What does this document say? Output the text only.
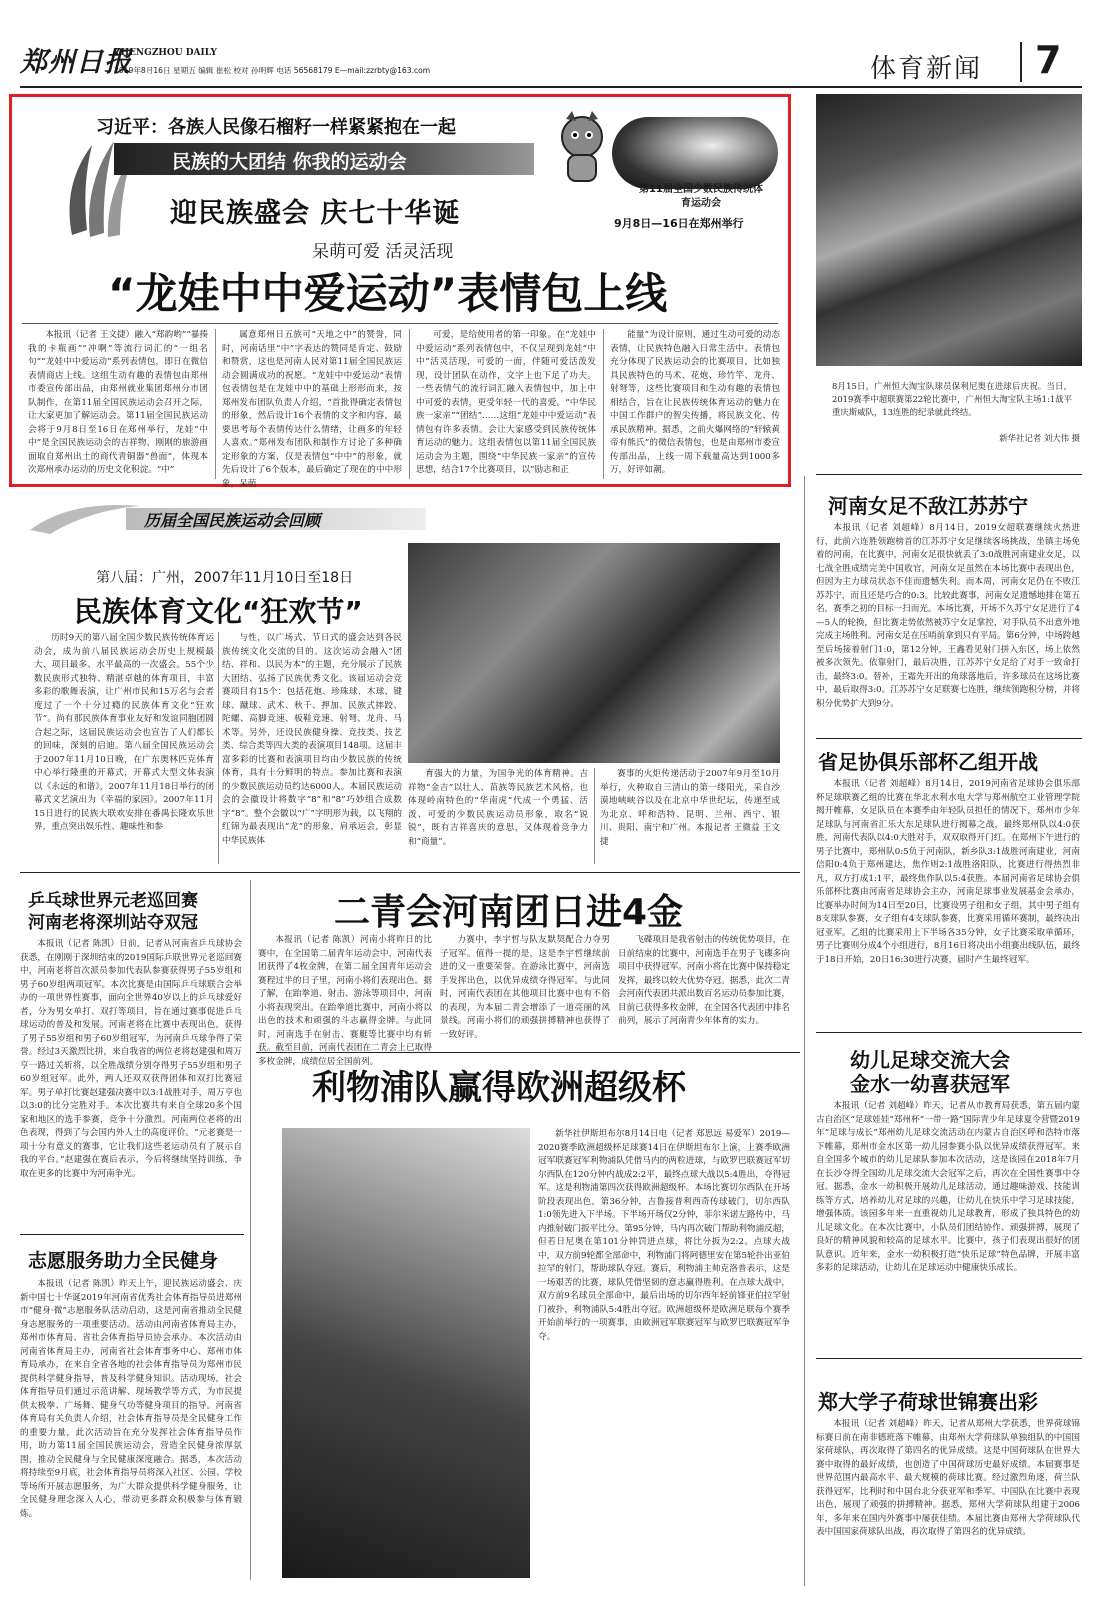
郑州日报
ZHENGZHOU DAILY
2019年8月16日 星期五 编辑 崔松 校对 孙明辉 电话 56568179 E—mail:zzrbty@163.com	体育新闻 7
习近平：各族人民像石榴籽一样紧紧抱在一起
民族的大团结 你我的运动会
迎民族盛会 庆七十华诞
第11届全国少数民族传统体育运动会
9月8日—16日在郑州举行
呆萌可爱 活灵活现
“龙娃中中爱运动”表情包上线

本报讯（记者 王文捷）融入“郑韵哟”“暴揍我的卡瓶画”“冲啊”等流行词汇的“一组名句”“龙娃中中爱运动”系列表情包，即日在微信表情商店上线。这组生动有趣的表情包由郑州市委宣传部出品，由郑州就业集团郑州分市团队制作，在第11届全国民族运动会召开之际，让大家更加了解运动会。第11届全国民族运动会将于9月8日至16日在郑州举行，龙娃“中中”是全国民族运动会的吉祥物，刚刚的旅游画面取自郑州出土的商代青铜器“兽面”，体现本次郑州承办运动的历史文化积淀。“中”

属意郑州日五族可“天地之中”的赞誉，同时，河南话里“中”字表达的赞同是肯定、鼓励和赞赏，这也是河南人民对第11届全国民族运动会圆满成功的祝愿。“龙娃中中爱运动”表情包表情包是在龙娃中中的基础上形形而来，按郑州发布团队负责人介绍，“首批得确定表情包的形象，然后设计16个表情的文字和内容，最要思考每个表情传达什么情绪，让画多的年轻人喜欢。”郑州发布团队和制作方讨论了多种确定形象的方案，仅是表情包“中中”的形象，就先后设计了6个版本，最后确定了现在的中中形象，呆萌

可爱，是给使用者的第一印象。在“龙娃中中爱运动”系列表情包中，不仅呈现到龙娃“中中”活灵活现，可爱的一面，伴随可爱活泼发现，设计团队在动作，文字上也下足了功夫。一些表情气的流行词汇融入表情包中，加上中中可爱的表情，更受年轻一代的喜爱。“中华民族一家亲”“团结”……这组“龙娃中中爱运动”表情包有许多表情。会让大家感受到民族传统体育运动的魅力。这组表情包以第11届全国民族运动会为主题，围绕“中华民族一家亲”的宣传思想，结合17个比赛项目，以“励志和正

能量”为设计原则，通过生动可爱的动态表情，让民族特色融入日常生活中。表情包充分体现了民族运动会的比赛项目，比如独具民族特色的马术、花炮、珍竹竿、龙舟、射弩等，这些比赛项目和生动有趣的表情包相结合，旨在让民族传统体育运动的魅力在中国工作群户的智尖传播，将民族文化、传承民族精神。据悉，之前火爆网络的“轩辕黄帝有熊氏”的微信表情包，也是由郑州市委宣传部出品，上线一周下载量高达到1000多万，好评如潮。

8月15日，广州恒大淘宝队球员保利尼奥在进球后庆祝。当日，2019赛季中超联赛第22轮比赛中，广州恒大淘宝队主场1:1战平重庆斯威队，13连胜的纪录就此终结。
新华社记者 刘大伟 摄
历届全国民族运动会回顾
第八届：广州，2007年11月10日至18日
民族体育文化“狂欢节”

历时9天的第八届全国少数民族传统体育运动会，成为前八届民族运动会历史上规模最大、项目最多、水平最高的一次盛会。55个少数民族形式独特、精湛卓越的体育项目，丰富多彩的歌舞表演，让广州市民和15万名与会者度过了一个十分过瘾的民族体育文化“狂欢节”。尚有那民族体育事业友好和发谊同胞团圆合起之际，这届民族运动会也宣告了人们都长的回味，深刻的启迪。第八届全国民族运动会于2007年11月10日晚，在广东奥林匹克体育中心举行隆重的开幕式，开幕式大型文体表演以《永远的和谐》，2007年11月18日举行的闭幕式文艺演出为《幸福的家园》。2007年11月15日进行的民族大联欢安排在番禺长隆欢乐世界，重点突出娱乐性、趣味性和参

与性，以广场式、节日式的盛会达到各民族传统文化交流的目的。这次运动会融入“团结、祥和、以民为本”的主题，充分展示了民族大团结、弘扬了民族优秀文化。该届运动会竞赛项目有15个：包括花炮、珍珠球、木球、键球、蹴球、武术、秋千、押加、民族式摔跤、陀螺、高脚竞速、板鞋竞速、射弩、龙舟、马术等。另外，还设民族健身操、竞技类、技艺类、综合类等四大类的表演项目148项。这届丰富多彩的比赛和表演项目均由少数民族的传统体育，具有十分鲜明的特点。参加比赛和表演的少数民族运动员约达6000人。本届民族运动会的会徽设计将数字“8”和“8”巧妙组合成数字“8”。整个会徽以“广”字明形为载，以飞翔的红锦为最表现出“龙”的形象，肩承运会，彰显中华民族体

育强大的力量，为国争光的体育精神。吉祥物“金吉”以壮人、苗族等民族艺术风格，也体现岭南特色的“华南虎”代成一个勇猛、活泼、可爱的少数民族运动员形象，取名“锐锐”，既有吉祥喜庆的意思，又体现着竞争力和“商量”。

赛事的火炬传递活动于2007年9月至10月举行，火种取自三清山的第一缕阳光，采自沙漠地峡峡谷以及在北京中华世纪坛，传递至成为北京、呼和浩特、昆明、兰州、西宁、银川、贵阳、南宁和广州。本报记者 王微益 王文捷

河南女足不敌江苏苏宁

本报讯（记者 刘超峰）8月14日，2019女超联赛继续火热进行，此前六连胜领跑榜首的江苏苏宁女足继续客场挑战，坐镇主场免着的河南，在比赛中，河南女足很快就丢了3:0战胜河南建业女足，以七战全胜成绩完美中国收官，河南女足虽然在本场比赛中表现出色，但因为主力球员状态不佳而遗憾失利。而本周，河南女足仍在不败江苏苏宁，而且还是巧合的0:3。比较此赛事，河南女足遗憾地排在第五名，赛季之初的目标一扫而光。本场比赛，开场不久苏宁女足进行了4—5人的轮换，但比赛走势依然被苏宁女足掌控，对手队员不出意外地完成主场胜利。河南女足在压哨前拿到只有平局。第6分钟，中场跨越至后场接着射门1:0，第12分钟，王鑫看见射门拼入东区，场上依然被多次领先。依靠射门，最后决胜，江苏苏宁女足给了对手一致命打击，最终3:0。替补，王霜先开出的角球落地后，许多球员在这场比赛中，最后取得3:0。江苏苏宁女足联赛七连胜，继续领跑积分榜，并将积分优势扩大到9分。

省足协俱乐部杯乙组开战

本报讯（记者 刘超峰）8月14日，2019河南省足球协会俱乐部杯足球联赛乙组的比赛在华北水利水电大学与郑州航空工业管理学院揭开帷幕，女足队员在本赛季由年轻队员担任的情况下，郑州市少年足球队与河南省汇乐大东足球队进行揭幕之战，最终郑州队以4:0获胜，河南代表队以4:0大胜对手，双双取得开门红。在郑州下午进行的男子比赛中，郑州队0:5负于河南队，新乡队3:1战胜河南建业，河南信阳0:4负于郑州建达，焦作则2:1战胜洛阳队，比赛进行得热烈非凡，双方打成1:1平，最终焦作队以5:4获胜。本届河南省足球协会俱乐部杯比赛由河南省足球协会主办，河南足球事业发展基金会承办，比赛举办时间为14日至20日，比赛设男子组和女子组，其中男子组有8支球队参赛，女子组有4支球队参赛，比赛采用循环赛制，最终决出冠亚军。乙组的比赛采用上下半场各35分钟，女子比赛采取单循环，男子比赛则分成4个小组进行，8月16日将决出小组赛出线队伍，最终于18日开始，20日16:30进行决赛，届时产生最终冠军。

幼儿足球交流大会
金水一幼喜获冠军

本报讯（记者 刘超峰）昨天，记者从市教育局获悉，第五届内蒙古自治区“足球娃娃”郑州杯“一带一路”国际青少年足球夏令营暨2019年“足球与成长”郑州幼儿足球交流活动在内蒙古自治区呼和浩特市落下帷幕，郑州市金水区第一幼儿园参赛小队以优异成绩获得冠军。来自全国多个城市的幼儿足球队参加本次活动，这是该园在2018年7月在长沙夺得全国幼儿足球交流大会冠军之后，再次在全国性赛事中夺冠。据悉，金水一幼积极开展幼儿足球活动，通过趣味游戏、技能训练等方式，培养幼儿对足球的兴趣，让幼儿在快乐中学习足球技能，增强体质。该园多年来一直重视幼儿足球教育，形成了独具特色的幼儿足球文化。在本次比赛中，小队员们团结协作、顽强拼搏，展现了良好的精神风貌和较高的足球水平。比赛中，孩子们表现出很好的团队意识。近年来，金水一幼积极打造“快乐足球”特色品牌，开展丰富多彩的足球活动，让幼儿在足球运动中健康快乐成长。

郑大学子荷球世锦赛出彩

本报讯（记者 刘超峰）昨天，记者从郑州大学获悉，世界荷球锦标赛日前在南非德班落下帷幕，由郑州大学荷球队单独组队的中国国家荷球队，再次取得了第四名的优异成绩。这是中国荷球队在世界大赛中取得的最好成绩，也创造了中国荷球历史最好成绩。本届赛事是世界范围内最高水平、最大规模的荷球比赛。经过激烈角逐，荷兰队获得冠军，比利时和中国台北分获亚军和季军。中国队在比赛中表现出色，展现了顽强的拼搏精神。据悉，郑州大学荷球队组建于2006年，多年来在国内外赛事中屡获佳绩。本届比赛由郑州大学荷球队代表中国国家荷球队出战，再次取得了第四名的优异成绩。

乒乓球世界元老巡回赛
河南老将深圳站夺双冠

本报讯（记者 陈凯）日前，记者从河南省乒乓球协会获悉，在刚刚于深圳结束的2019国际乒联世界元老巡回赛中，河南老将首次派员参加代表队参赛获得男子55岁组和男子60岁组两项冠军。本次比赛是由国际乒乓球联合会举办的一项世界性赛事，面向全世界40岁以上的乒乓球爱好者，分为男女单打、双打等项目，旨在通过赛事促进乒乓球运动的普及和发展。河南老将在比赛中表现出色，获得了男子55岁组和男子60岁组冠军，为河南乒乓球争得了荣誉。经过3天激烈比拼，来自我省的两位老将赵建强和周万亨一路过关斩将，以全胜战绩分别夺得男子55岁组和男子60岁组冠军。此外，两人还双双获得团体和双打比赛冠军。男子单打比赛赵建强决赛中以3:1战胜对手，周万亨也以3:0的比分完胜对手。本次比赛共有来自全球20多个国家和地区的选手参赛，竞争十分激烈。河南两位老将的出色表现，得到了与会国内外人士的高度评价。“元老赛是一项十分有意义的赛事，它让我们这些老运动员有了展示自我的平台。”赵建强在赛后表示，今后将继续坚持训练，争取在更多的比赛中为河南争光。

志愿服务助力全民健身

本报讯（记者 陈凯）昨天上午，迎民族运动盛会、庆新中国七十华诞2019年河南省优秀社会体育指导员进郑州市“健身·微”志愿服务队活动启动，这是河南省推动全民健身志愿服务的一项重要活动。活动由河南省体育局主办，郑州市体育局、省社会体育指导员协会承办。本次活动由河南省体育局主办，河南省社会体育事务中心、郑州市体育局承办，在来自全省各地的社会体育指导员为郑州市民提供科学健身指导，普及科学健身知识。活动现场，社会体育指导员们通过示范讲解、现场教学等方式，为市民提供太极拳、广场舞、健身气功等健身项目的指导。河南省体育局有关负责人介绍，社会体育指导员是全民健身工作的重要力量，此次活动旨在充分发挥社会体育指导员作用，助力第11届全国民族运动会，营造全民健身浓厚氛围，推动全民健身与全民健康深度融合。据悉，本次活动将持续至9月底，社会体育指导员将深入社区、公园、学校等场所开展志愿服务，为广大群众提供科学健身服务，让全民健身理念深入人心，带动更多群众积极参与体育锻炼。

二青会河南团日进4金

本报讯（记者 陈凯）河南小将昨日的比赛中，在全国第二届青年运动会中，河南代表团获得了4枚金牌，在第二届全国青年运动会赛程过半的日子里，河南小将们表现出色。据了解，在跆拳道、射击、游泳等项目中，河南小将表现突出。在跆拳道比赛中，河南小将以出色的技术和顽强的斗志赢得金牌。与此同时，河南选手在射击、赛艇等比赛中均有斩获。截至目前，河南代表团在二青会上已取得多枚金牌，成绩位居全国前列。

力赛中，李宇哲与队友默契配合力夺男子冠军。值得一提的是，这是李宇哲继续前进的又一重要荣誉。在游泳比赛中，河南选手发挥出色，以优异成绩夺得冠军。与此同时，河南代表团在其他项目比赛中也有不俗的表现，为本届二青会增添了一道亮丽的风景线。河南小将们的顽强拼搏精神也获得了一致好评。

飞碟项目是我省射击的传统优势项目，在日前结束的比赛中，河南选手在男子飞碟多向项目中获得冠军。河南小将在比赛中保持稳定发挥，最终以较大优势夺冠。据悉，此次二青会河南代表团共派出数百名运动员参加比赛，目前已获得多枚金牌，在全国各代表团中排名前列，展示了河南青少年体育的实力。

利物浦队赢得欧洲超级杯

新华社伊斯坦布尔8月14日电（记者 郑思远 易爱军）2019—2020赛季欧洲超级杯足球赛14日在伊斯坦布尔上演，上赛季欧洲冠军联赛冠军利物浦队凭借马内的两粒进球，与欧罗巴联赛冠军切尔西队在120分钟内战成2:2平，最终点球大战以5:4胜出，夺得冠军。这是利物浦第四次获得欧洲超级杯。本场比赛切尔西队在开场阶段表现出色，第36分钟，吉鲁接普利西奇传球破门，切尔西队1:0领先进入下半场。下半场开场仅2分钟，菲尔米诺左路传中，马内推射破门扳平比分。第95分钟，马内再次破门帮助利物浦反超，但若日尼奥在第101分钟罚进点球，将比分扳为2:2。点球大战中，双方前9轮都全部命中，利物浦门将阿德里安在第5轮扑出亚伯拉罕的射门，帮助球队夺冠。赛后，利物浦主帅克洛普表示，这是一场艰苦的比赛，球队凭借坚韧的意志赢得胜利。在点球大战中，双方前9名球员全部命中，最后出场的切尔西年轻前锋亚伯拉罕射门被扑，利物浦队5:4胜出夺冠。欧洲超级杯是欧洲足联每个赛季开始前举行的一项赛事，由欧洲冠军联赛冠军与欧罗巴联赛冠军争夺。
